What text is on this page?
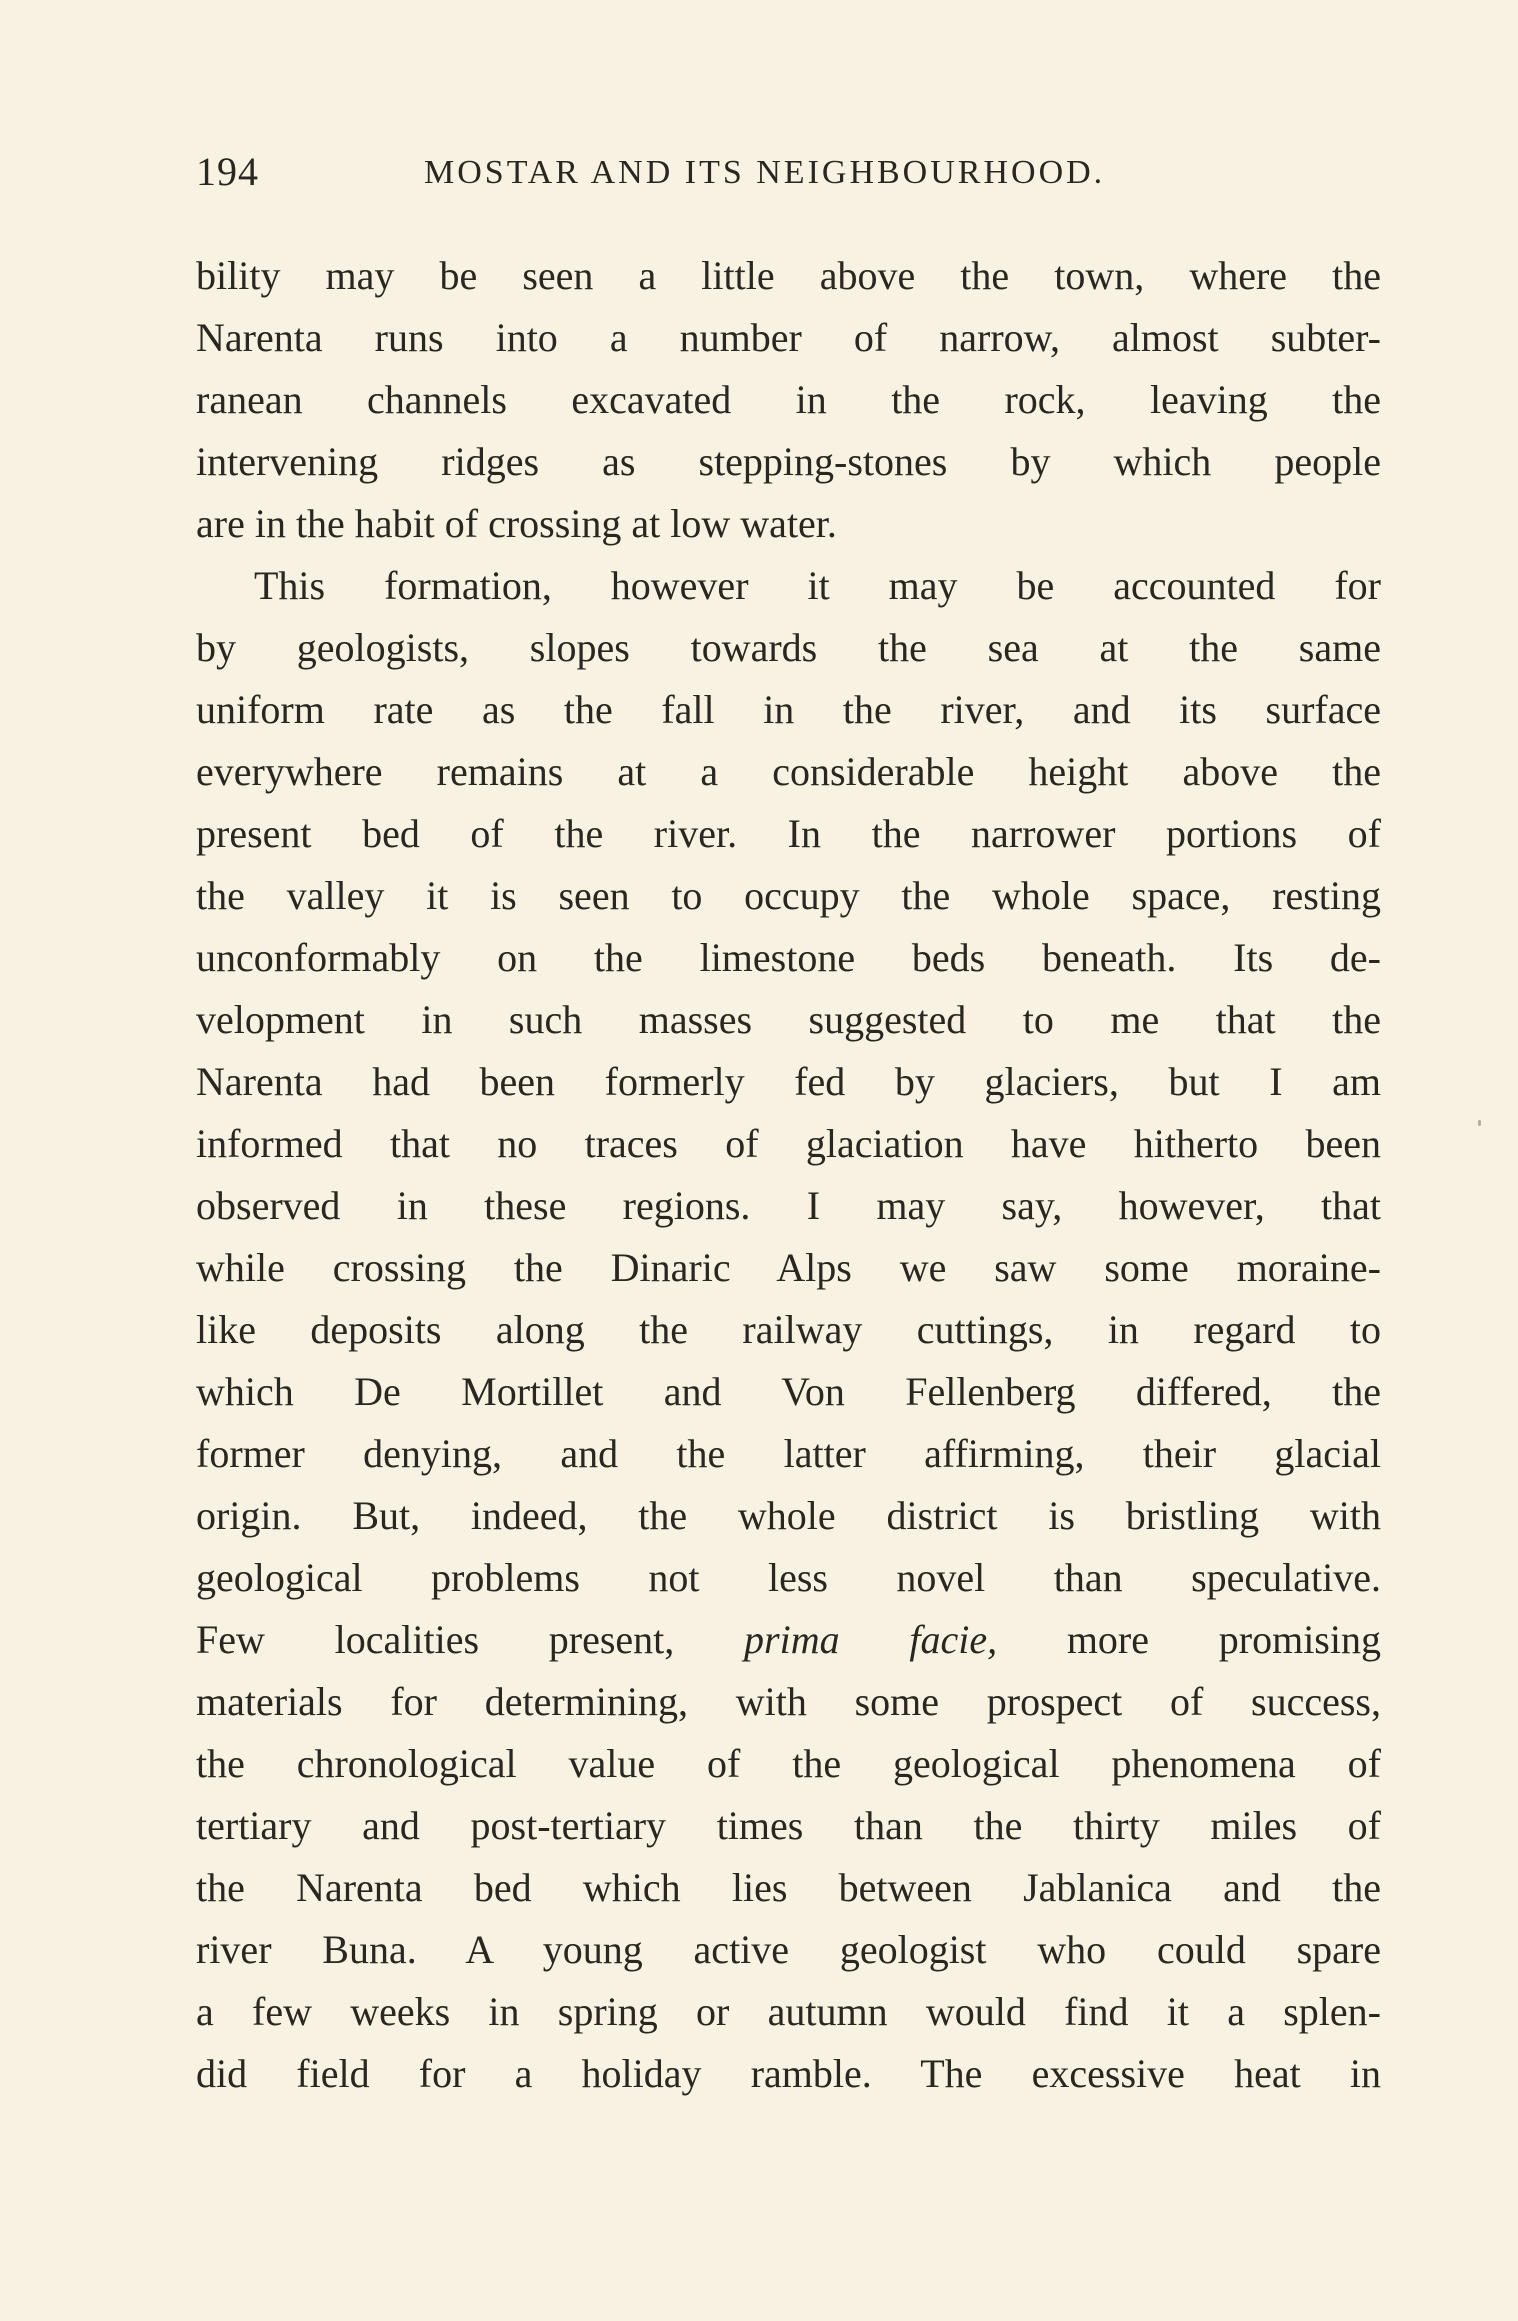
194	MOSTAR AND ITS NEIGHBOURHOOD.
bility may be seen a little above the town, where the
Narenta runs into a number of narrow, almost subter-
ranean channels excavated in the rock, leaving the
intervening ridges as stepping-stones by which people
are in the habit of crossing at low water.
This formation, however it may be accounted for
by geologists, slopes towards the sea at the same
uniform rate as the fall in the river, and its surface
everywhere remains at a considerable height above the
present bed of the river. In the narrower portions of
the valley it is seen to occupy the whole space, resting
unconformably on the limestone beds beneath. Its de-
velopment in such masses suggested to me that the
Narenta had been formerly fed by glaciers, but I am
informed that no traces of glaciation have hitherto been
observed in these regions. I may say, however, that
while crossing the Dinaric Alps we saw some moraine-
like deposits along the railway cuttings, in regard to
which De Mortillet and Von Fellenberg differed, the
former denying, and the latter affirming, their glacial
origin. But, indeed, the whole district is bristling with
geological problems not less novel than speculative.
Few localities present, prima facie, more promising
materials for determining, with some prospect of success,
the chronological value of the geological phenomena of
tertiary and post-tertiary times than the thirty miles of
the Narenta bed which lies between Jablanica and the
river Buna. A young active geologist who could spare
a few weeks in spring or autumn would find it a splen-
did field for a holiday ramble. The excessive heat in
